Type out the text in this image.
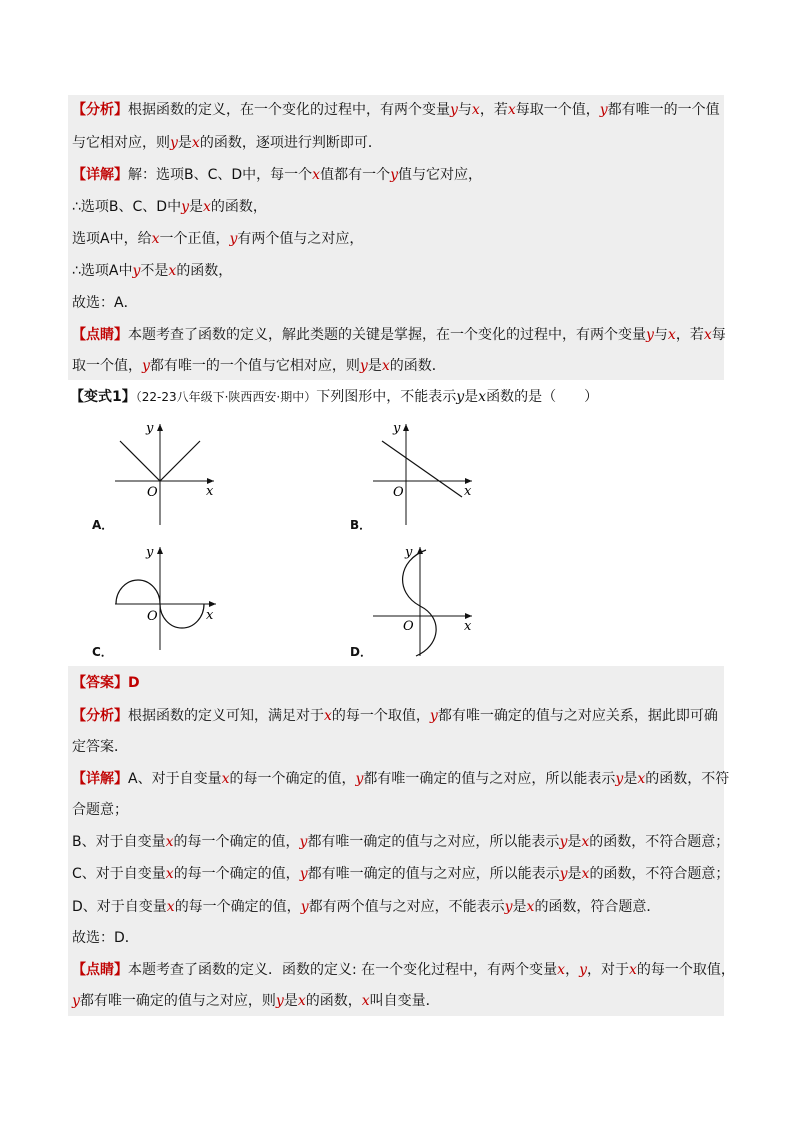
【分析】根据函数的定义，在一个变化的过程中，有两个变量y与x，若x每取一个值，y都有唯一的一个值
与它相对应，则y是x的函数，逐项进行判断即可．
【详解】解：选项B、C、D中，每一个x值都有一个y值与它对应，
∴选项B、C、D中y是x的函数，
选项A中，给x一个正值，y有两个值与之对应，
∴选项A中y不是x的函数，
故选：A．
【点睛】本题考查了函数的定义，解此类题的关键是掌握，在一个变化的过程中，有两个变量y与x，若x每
取一个值，y都有唯一的一个值与它相对应，则y是x的函数．
【变式1】（22-23八年级下·陕西西安·期中）下列图形中，不能表示y是x函数的是（　　）
y
x
O
A．
y
x
O
B．
y
x
O
C．
y
x
O
D．
【答案】D
【分析】根据函数的定义可知，满足对于x的每一个取值，y都有唯一确定的值与之对应关系，据此即可确
定答案．
【详解】A、对于自变量x的每一个确定的值，y都有唯一确定的值与之对应，所以能表示y是x的函数，不符
合题意；
B、对于自变量x的每一个确定的值，y都有唯一确定的值与之对应，所以能表示y是x的函数，不符合题意；
C、对于自变量x的每一个确定的值，y都有唯一确定的值与之对应，所以能表示y是x的函数，不符合题意；
D、对于自变量x的每一个确定的值，y都有两个值与之对应，不能表示y是x的函数，符合题意．
故选：D．
【点睛】本题考查了函数的定义．函数的定义: 在一个变化过程中，有两个变量x，y，对于x的每一个取值，
y都有唯一确定的值与之对应，则y是x的函数，x叫自变量．
